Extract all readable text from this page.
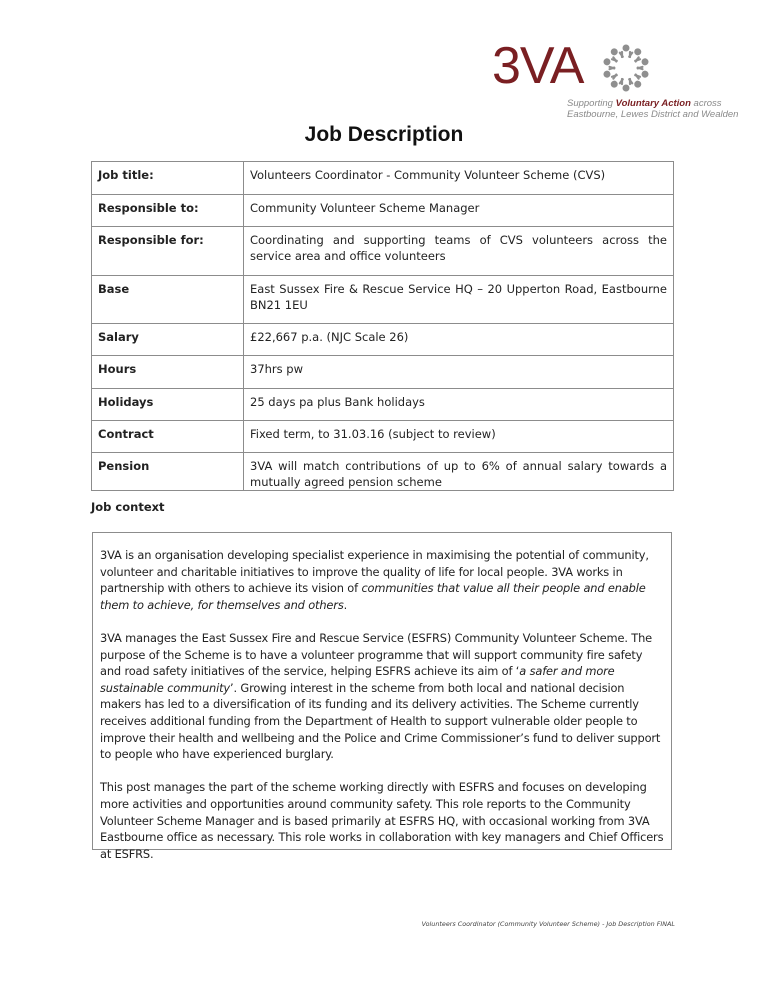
3VA
Supporting Voluntary Action across
Eastbourne, Lewes District and Wealden
Job Description
Job title:	Volunteers Coordinator - Community Volunteer Scheme (CVS)
Responsible to:	Community Volunteer Scheme Manager
Responsible for:	Coordinating and supporting teams of CVS volunteers across the service area and office volunteers
Base	East Sussex Fire & Rescue Service HQ – 20 Upperton Road, Eastbourne BN21 1EU
Salary	£22,667 p.a. (NJC Scale 26)
Hours	37hrs pw
Holidays	25 days pa plus Bank holidays
Contract	Fixed term, to 31.03.16 (subject to review)
Pension	3VA will match contributions of up to 6% of annual salary towards a mutually agreed pension scheme
Job context

3VA is an organisation developing specialist experience in maximising the potential of community, volunteer and charitable initiatives to improve the quality of life for local people. 3VA works in partnership with others to achieve its vision of communities that value all their people and enable them to achieve, for themselves and others.

3VA manages the East Sussex Fire and Rescue Service (ESFRS) Community Volunteer Scheme. The purpose of the Scheme is to have a volunteer programme that will support community fire safety and road safety initiatives of the service, helping ESFRS achieve its aim of ‘a safer and more sustainable community’. Growing interest in the scheme from both local and national decision makers has led to a diversification of its funding and its delivery activities. The Scheme currently receives additional funding from the Department of Health to support vulnerable older people to improve their health and wellbeing and the Police and Crime Commissioner’s fund to deliver support to people who have experienced burglary.

This post manages the part of the scheme working directly with ESFRS and focuses on developing more activities and opportunities around community safety. This role reports to the Community Volunteer Scheme Manager and is based primarily at ESFRS HQ, with occasional working from 3VA Eastbourne office as necessary. This role works in collaboration with key managers and Chief Officers at ESFRS.

Volunteers Coordinator (Community Volunteer Scheme) - Job Description FINAL
